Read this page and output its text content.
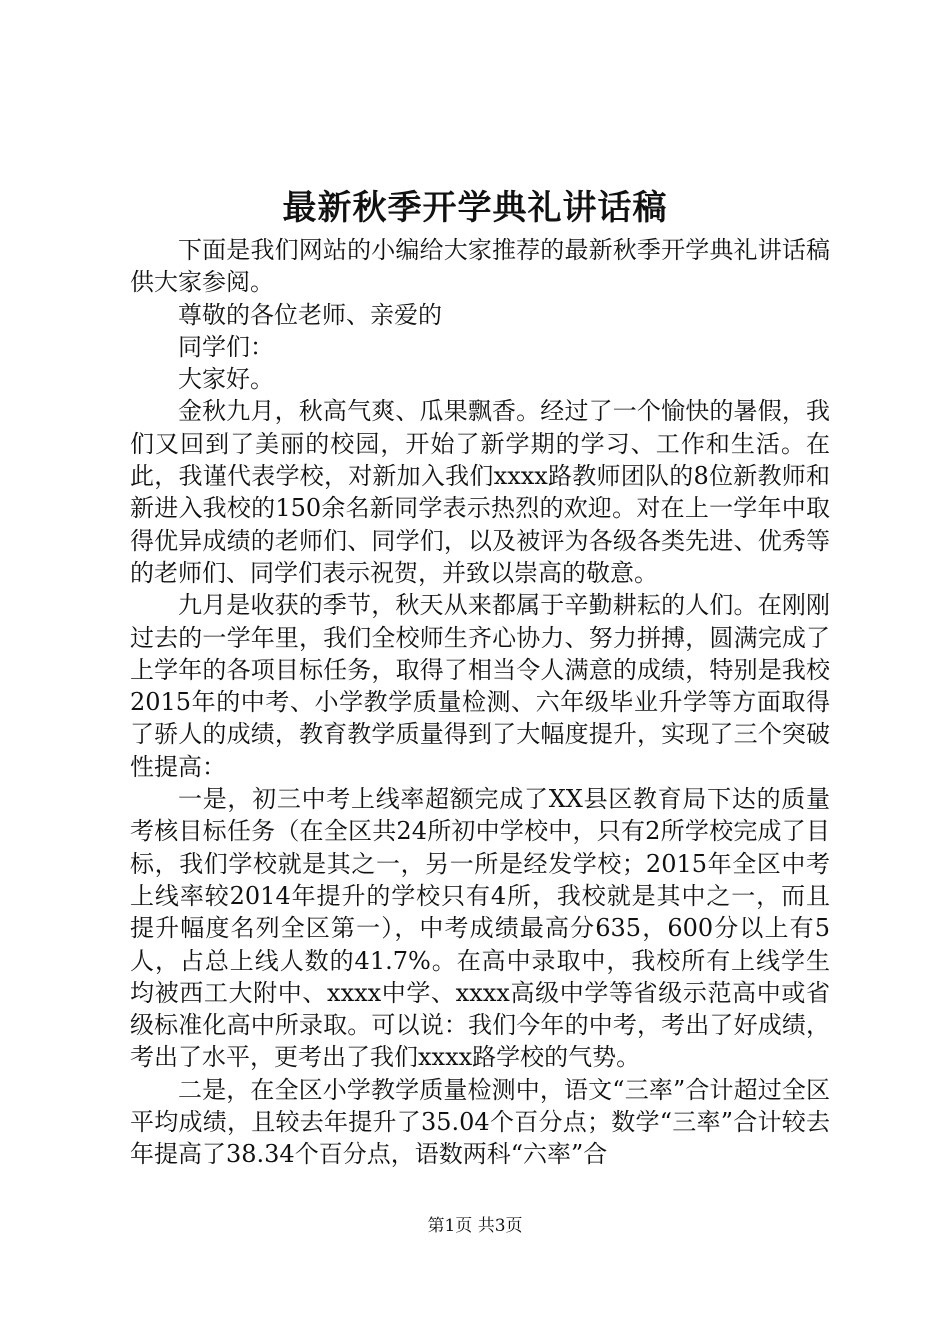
最新秋季开学典礼讲话稿

下面是我们网站的小编给大家推荐的最新秋季开学典礼讲话稿供大家参阅。

尊敬的各位老师、亲爱的

同学们：

大家好。

金秋九月，秋高气爽、瓜果飘香。经过了一个愉快的暑假，我们又回到了美丽的校园，开始了新学期的学习、工作和生活。在此，我谨代表学校，对新加入我们xxxx路教师团队的8位新教师和新进入我校的150余名新同学表示热烈的欢迎。对在上一学年中取得优异成绩的老师们、同学们，以及被评为各级各类先进、优秀等的老师们、同学们表示祝贺，并致以崇高的敬意。

九月是收获的季节，秋天从来都属于辛勤耕耘的人们。在刚刚过去的一学年里，我们全校师生齐心协力、努力拼搏，圆满完成了上学年的各项目标任务，取得了相当令人满意的成绩，特别是我校2015年的中考、小学教学质量检测、六年级毕业升学等方面取得了骄人的成绩，教育教学质量得到了大幅度提升，实现了三个突破性提高：

一是，初三中考上线率超额完成了XX县区教育局下达的质量考核目标任务（在全区共24所初中学校中，只有2所学校完成了目标，我们学校就是其之一，另一所是经发学校；2015年全区中考上线率较2014年提升的学校只有4所，我校就是其中之一，而且提升幅度名列全区第一），中考成绩最高分635，600分以上有5人，占总上线人数的41.7%。在高中录取中，我校所有上线学生均被西工大附中、xxxx中学、xxxx高级中学等省级示范高中或省级标准化高中所录取。可以说：我们今年的中考，考出了好成绩，考出了水平，更考出了我们xxxx路学校的气势。

二是，在全区小学教学质量检测中，语文“三率”合计超过全区平均成绩，且较去年提升了35.04个百分点；数学“三率”合计较去年提高了38.34个百分点，语数两科“六率”合

第1页 共3页
